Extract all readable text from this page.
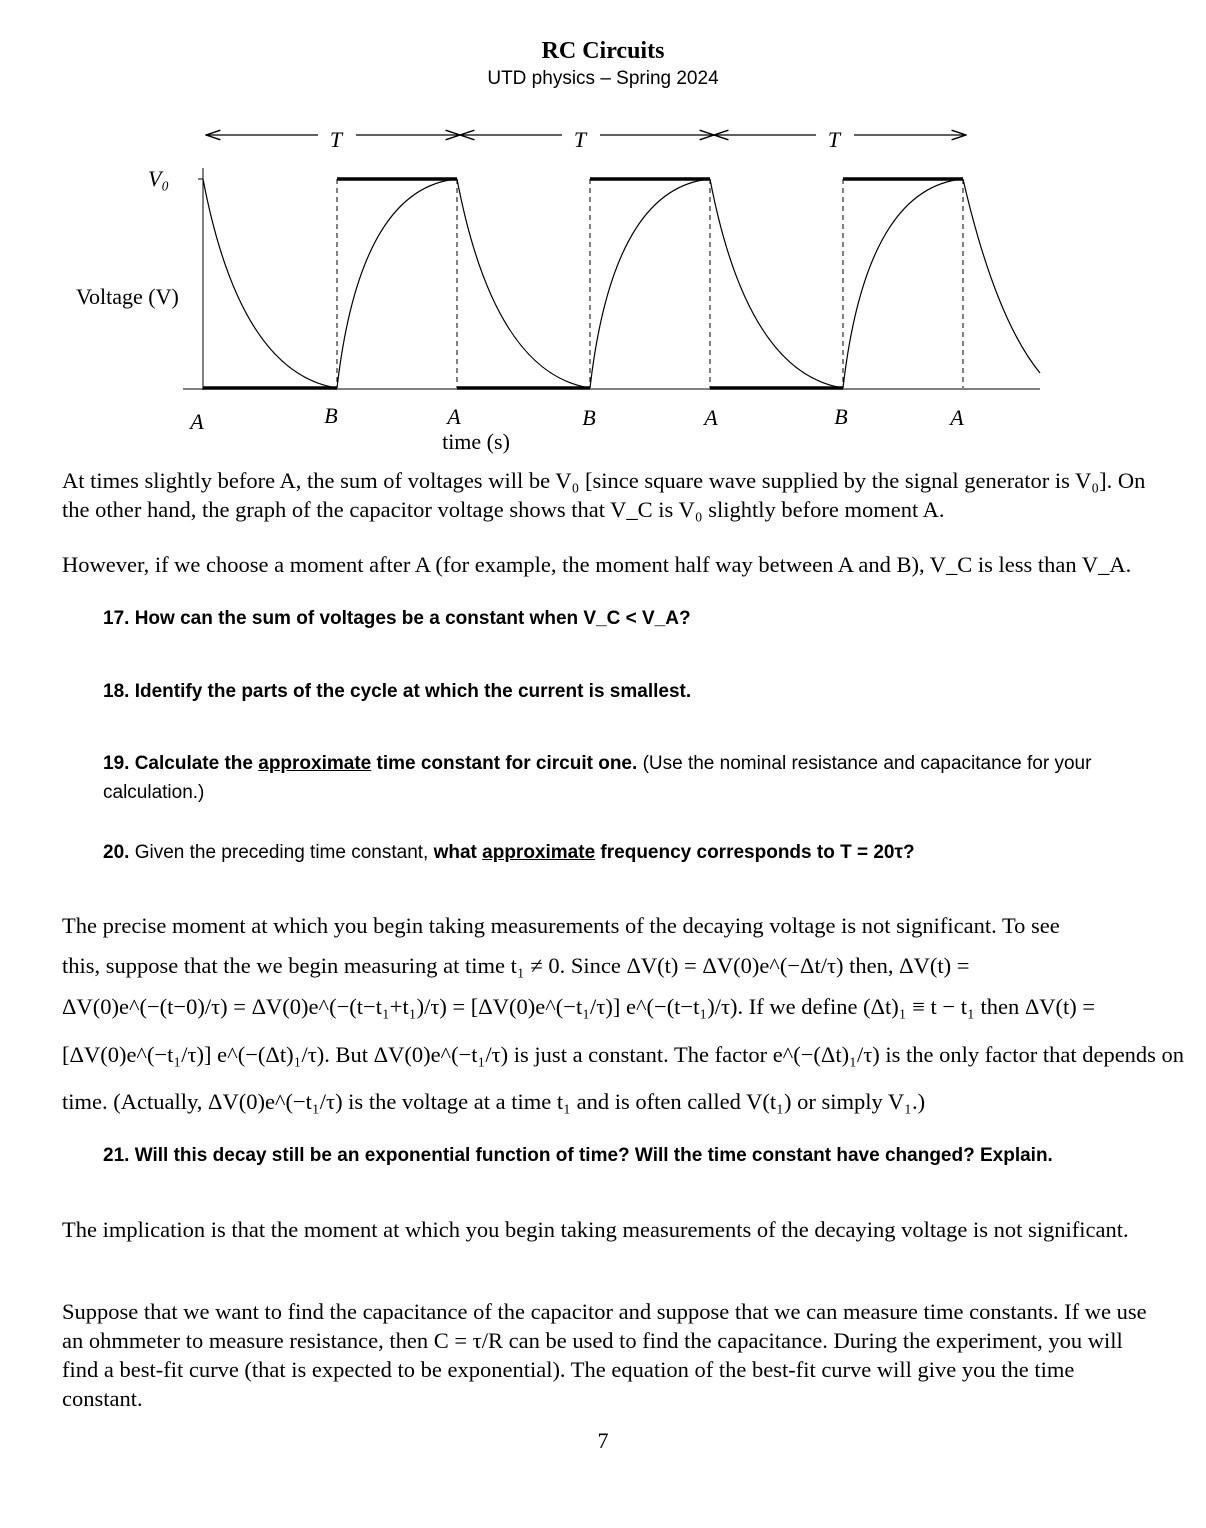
RC Circuits
UTD physics – Spring 2024
T	T	T
V₀
Voltage (V)
A	B	A	B	A	B	A
time (s)
At times slightly before A, the sum of voltages will be V₀ [since square wave supplied by the signal generator is V₀]. On the other hand, the graph of the capacitor voltage shows that V_C is V₀ slightly before moment A.
However, if we choose a moment after A (for example, the moment half way between A and B), V_C is less than V_A.
17. How can the sum of voltages be a constant when V_C < V_A?
18. Identify the parts of the cycle at which the current is smallest.
19. Calculate the approximate time constant for circuit one. (Use the nominal resistance and capacitance for your calculation.)
20. Given the preceding time constant, what approximate frequency corresponds to T = 20τ?
The precise moment at which you begin taking measurements of the decaying voltage is not significant. To see
this, suppose that the we begin measuring at time t₁ ≠ 0. Since ΔV(t) = ΔV(0)e^(−Δt/τ) then, ΔV(t) =
ΔV(0)e^(−(t−0)/τ) = ΔV(0)e^(−(t−t₁+t₁)/τ) = [ΔV(0)e^(−t₁/τ)] e^(−(t−t₁)/τ). If we define (Δt)₁ ≡ t − t₁ then ΔV(t) =
[ΔV(0)e^(−t₁/τ)] e^(−(Δt)₁/τ). But ΔV(0)e^(−t₁/τ) is just a constant. The factor e^(−(Δt)₁/τ) is the only factor that depends on
time. (Actually, ΔV(0)e^(−t₁/τ) is the voltage at a time t₁ and is often called V(t₁) or simply V₁.)
21. Will this decay still be an exponential function of time? Will the time constant have changed? Explain.
The implication is that the moment at which you begin taking measurements of the decaying voltage is not significant.
Suppose that we want to find the capacitance of the capacitor and suppose that we can measure time constants. If we use an ohmmeter to measure resistance, then C = τ/R can be used to find the capacitance. During the experiment, you will find a best-fit curve (that is expected to be exponential). The equation of the best-fit curve will give you the time constant.
7
